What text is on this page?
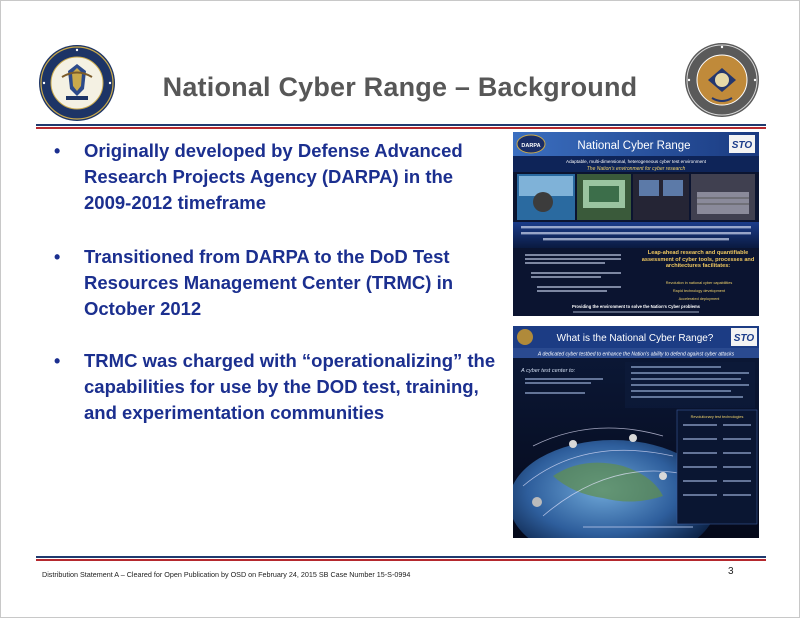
National Cyber Range – Background
•	Originally developed by Defense Advanced Research Projects Agency (DARPA) in the 2009-2012 timeframe
•	Transitioned from DARPA to the DoD Test Resources Management Center (TRMC) in October 2012
•	TRMC was charged with “operationalizing” the capabilities for use by the DOD test, training, and experimentation communities
DARPA	National Cyber Range	STO
Adaptable, multi-dimensional, heterogeneous cyber test environment
The Nation's environment for cyber research
Leap-ahead research and quantifiable assessment of cyber tools, processes and architectures facilitates:
Revolution in national cyber capabilities
Rapid technology development
Accelerated deployment
Providing the environment to solve the Nation's Cyber problems
What is the National Cyber Range? STO
A dedicated cyber testbed to enhance the Nation's ability to defend against cyber attacks
A cyber test center to:
Revolutionary test technologies
Distribution Statement A – Cleared for Open Publication by OSD on February 24, 2015 SB Case Number 15-S-0994	3
